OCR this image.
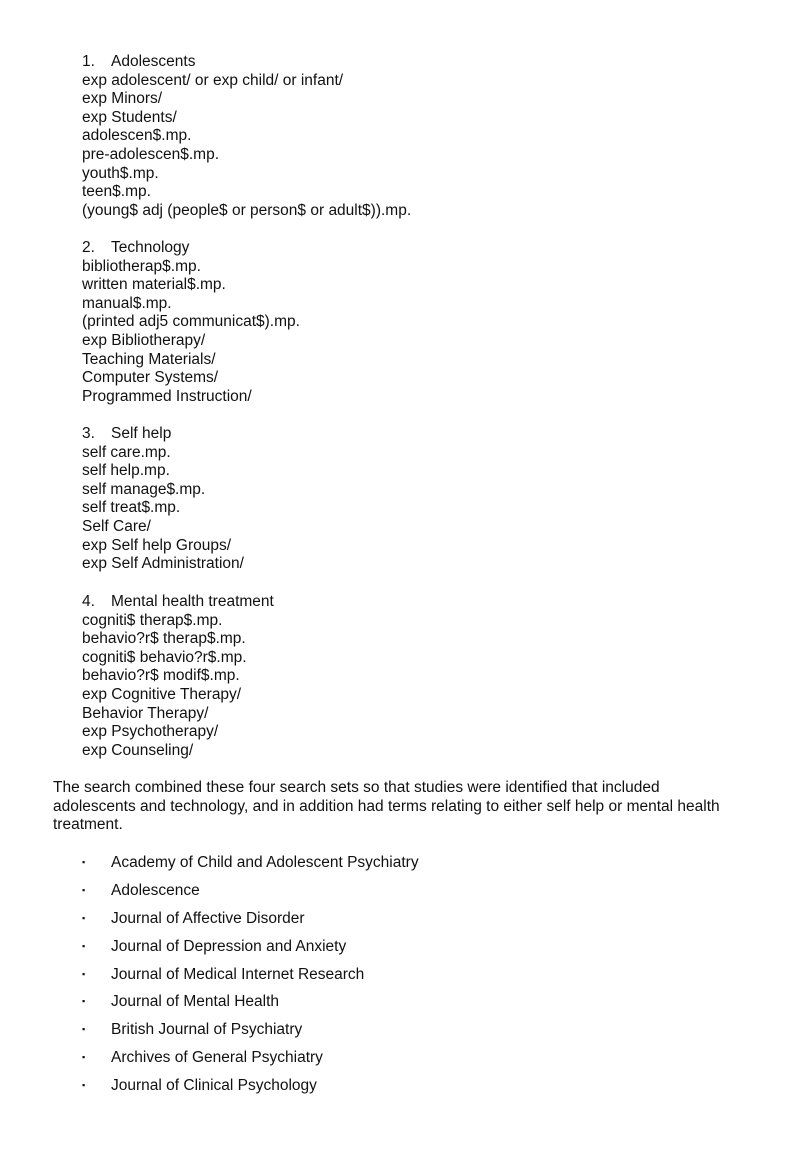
1. Adolescents
exp adolescent/ or exp child/ or infant/
exp Minors/
exp Students/
adolescen$.mp.
pre-adolescen$.mp.
youth$.mp.
teen$.mp.
(young$ adj (people$ or person$ or adult$)).mp.
2. Technology
bibliotherap$.mp.
written material$.mp.
manual$.mp.
(printed adj5 communicat$).mp.
exp Bibliotherapy/
Teaching Materials/
Computer Systems/
Programmed Instruction/
3. Self help
self care.mp.
self help.mp.
self manage$.mp.
self treat$.mp.
Self Care/
exp Self help Groups/
exp Self Administration/
4. Mental health treatment
cogniti$ therap$.mp.
behavio?r$ therap$.mp.
cogniti$ behavio?r$.mp.
behavio?r$ modif$.mp.
exp Cognitive Therapy/
Behavior Therapy/
exp Psychotherapy/
exp Counseling/

The search combined these four search sets so that studies were identified that included adolescents and technology, and in addition had terms relating to either self help or mental health treatment.

▪ Academy of Child and Adolescent Psychiatry
▪ Adolescence
▪ Journal of Affective Disorder
▪ Journal of Depression and Anxiety
▪ Journal of Medical Internet Research
▪ Journal of Mental Health
▪ British Journal of Psychiatry
▪ Archives of General Psychiatry
▪ Journal of Clinical Psychology
